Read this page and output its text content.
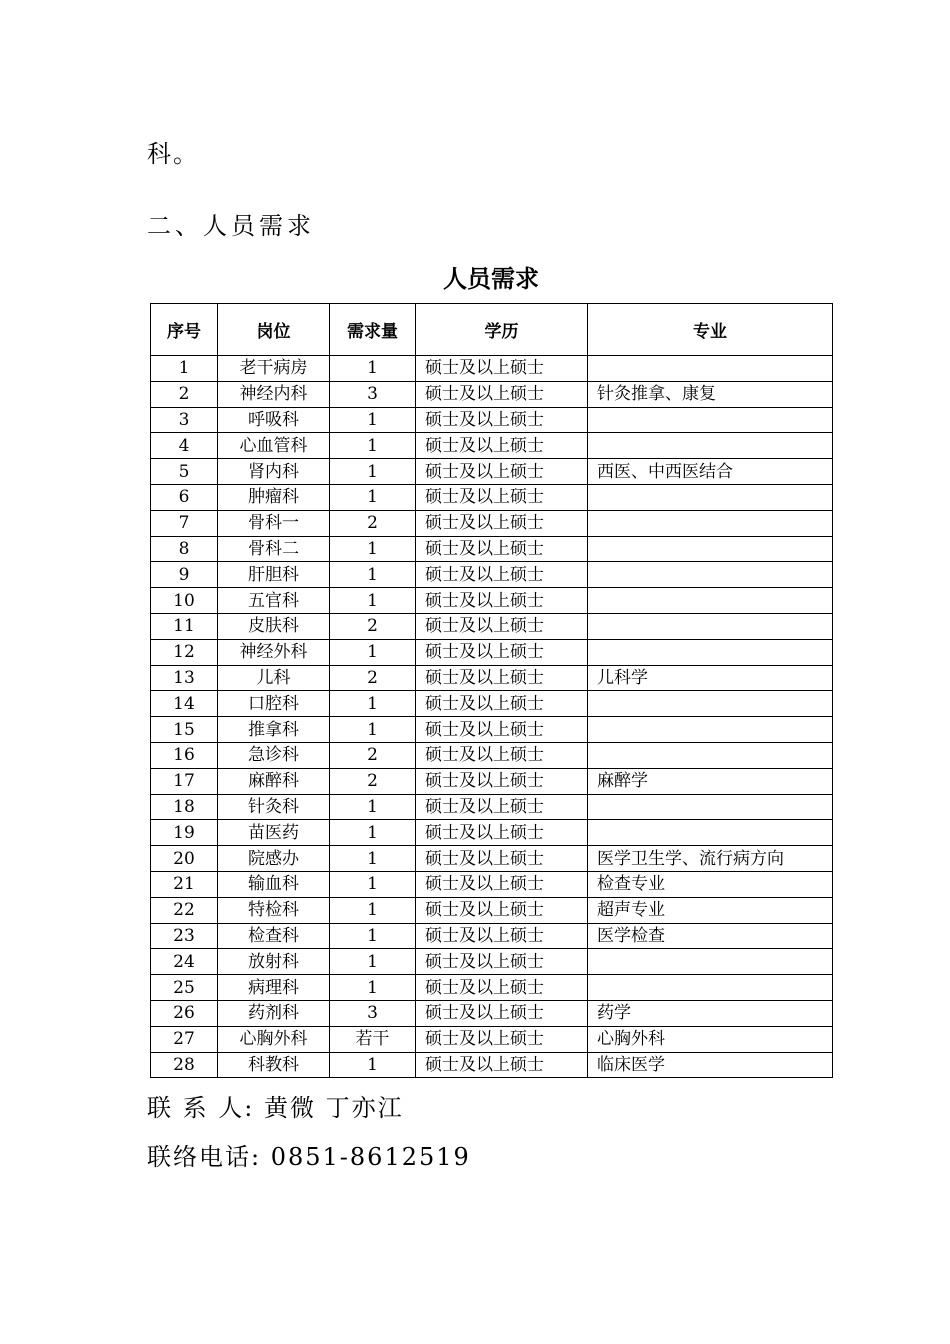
科。
二、人员需求
人员需求
序号	岗位	需求量	学历	专业
1	老干病房	1	硕士及以上硕士	
2	神经内科	3	硕士及以上硕士	针灸推拿、康复
3	呼吸科	1	硕士及以上硕士	
4	心血管科	1	硕士及以上硕士	
5	肾内科	1	硕士及以上硕士	西医、中西医结合
6	肿瘤科	1	硕士及以上硕士	
7	骨科一	2	硕士及以上硕士	
8	骨科二	1	硕士及以上硕士	
9	肝胆科	1	硕士及以上硕士	
10	五官科	1	硕士及以上硕士	
11	皮肤科	2	硕士及以上硕士	
12	神经外科	1	硕士及以上硕士	
13	儿科	2	硕士及以上硕士	儿科学
14	口腔科	1	硕士及以上硕士	
15	推拿科	1	硕士及以上硕士	
16	急诊科	2	硕士及以上硕士	
17	麻醉科	2	硕士及以上硕士	麻醉学
18	针灸科	1	硕士及以上硕士	
19	苗医药	1	硕士及以上硕士	
20	院感办	1	硕士及以上硕士	医学卫生学、流行病方向
21	输血科	1	硕士及以上硕士	检查专业
22	特检科	1	硕士及以上硕士	超声专业
23	检查科	1	硕士及以上硕士	医学检查
24	放射科	1	硕士及以上硕士	
25	病理科	1	硕士及以上硕士	
26	药剂科	3	硕士及以上硕士	药学
27	心胸外科	若干	硕士及以上硕士	心胸外科
28	科教科	1	硕士及以上硕士	临床医学
联 系 人: 黄微 丁亦江
联络电话: 0851-8612519
